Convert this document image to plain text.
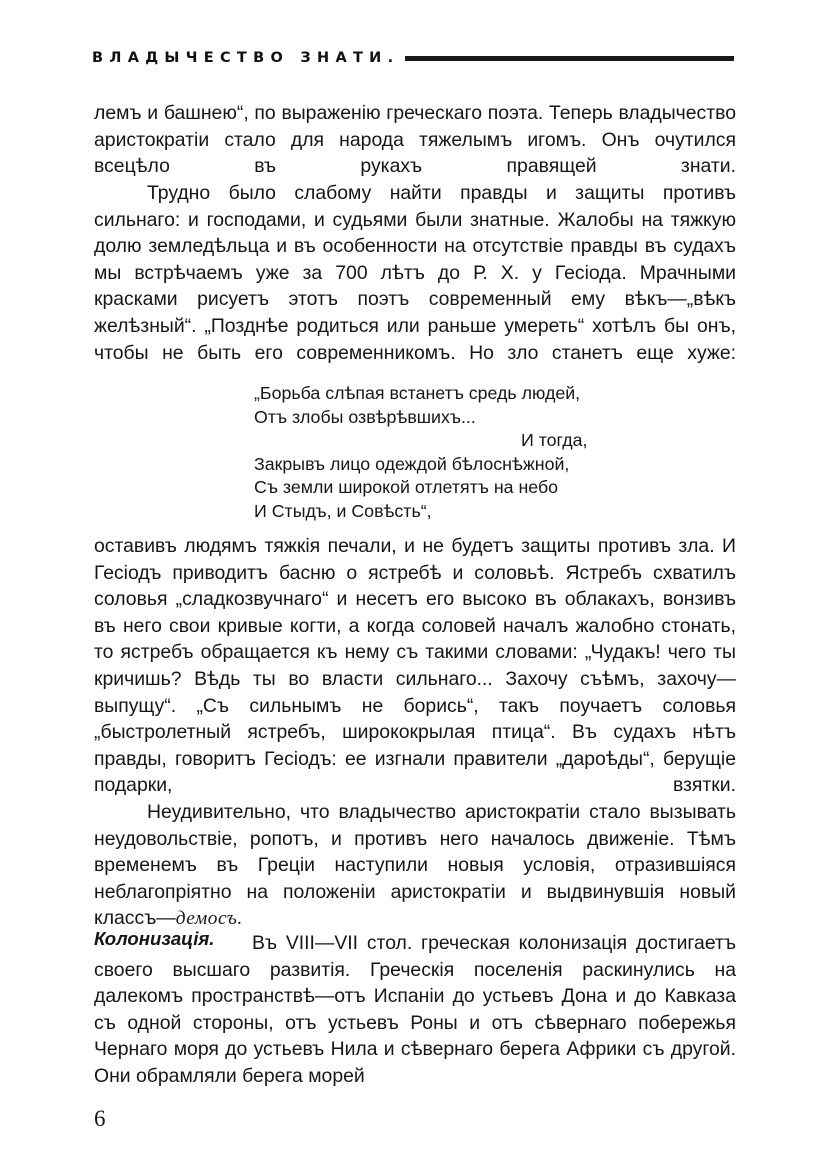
ВЛАДЫЧЕСТВО ЗНАТИ.

лемъ и башнею“, по выраженію греческаго поэта. Теперь владычество аристократіи стало для народа тяжелымъ игомъ. Онъ очутился всецѣло въ рукахъ правящей знати.

Трудно было слабому найти правды и защиты противъ сильнаго: и господами, и судьями были знатные. Жалобы на тяжкую долю земледѣльца и въ особенности на отсутствіе правды въ судахъ мы встрѣчаемъ уже за 700 лѣтъ до Р. Х. у Гесіода. Мрачными красками рисуетъ этотъ поэтъ современный ему вѣкъ—„вѣкъ желѣзный“. „Позднѣе родиться или раньше умереть“ хотѣлъ бы онъ, чтобы не быть его современникомъ. Но зло станетъ еще хуже:

„Борьба слѣпая встанетъ средь людей,
Отъ злобы озвѣрѣвшихъ...
И тогда,
Закрывъ лицо одеждой бѣлоснѣжной,
Съ земли широкой отлетятъ на небо
И Стыдъ, и Совѣсть“,

оставивъ людямъ тяжкія печали, и не будетъ защиты противъ зла. И Гесіодъ приводитъ басню о ястребѣ и соловьѣ. Ястребъ схватилъ соловья „сладкозвучнаго“ и несетъ его высоко въ облакахъ, вонзивъ въ него свои кривые когти, а когда соловей началъ жалобно стонать, то ястребъ обращается къ нему съ такими словами: „Чудакъ! чего ты кричишь? Вѣдь ты во власти сильнаго... Захочу съѣмъ, захочу—выпущу“. „Съ сильнымъ не борись“, такъ поучаетъ соловья „быстролетный ястребъ, ширококрылая птица“. Въ судахъ нѣтъ правды, говоритъ Гесіодъ: ее изгнали правители „дароѣды“, берущіе подарки, взятки.

Неудивительно, что владычество аристократіи стало вызывать неудовольствіе, ропотъ, и противъ него началось движеніе. Тѣмъ временемъ въ Греціи наступили новыя условія, отразившіяся неблагопріятно на положеніи аристократіи и выдвинувшія новый классъ—демосъ.

Колонизація.	Въ VIII—VII стол. греческая колонизація достигаетъ своего высшаго развитія. Греческія поселенія раскинулись на далекомъ пространствѣ—отъ Испаніи до устьевъ Дона и до Кавказа съ одной стороны, отъ устьевъ Роны и отъ сѣвернаго побережья Чернаго моря до устьевъ Нила и сѣвернаго берега Африки съ другой. Они обрамляли берега морей

6
